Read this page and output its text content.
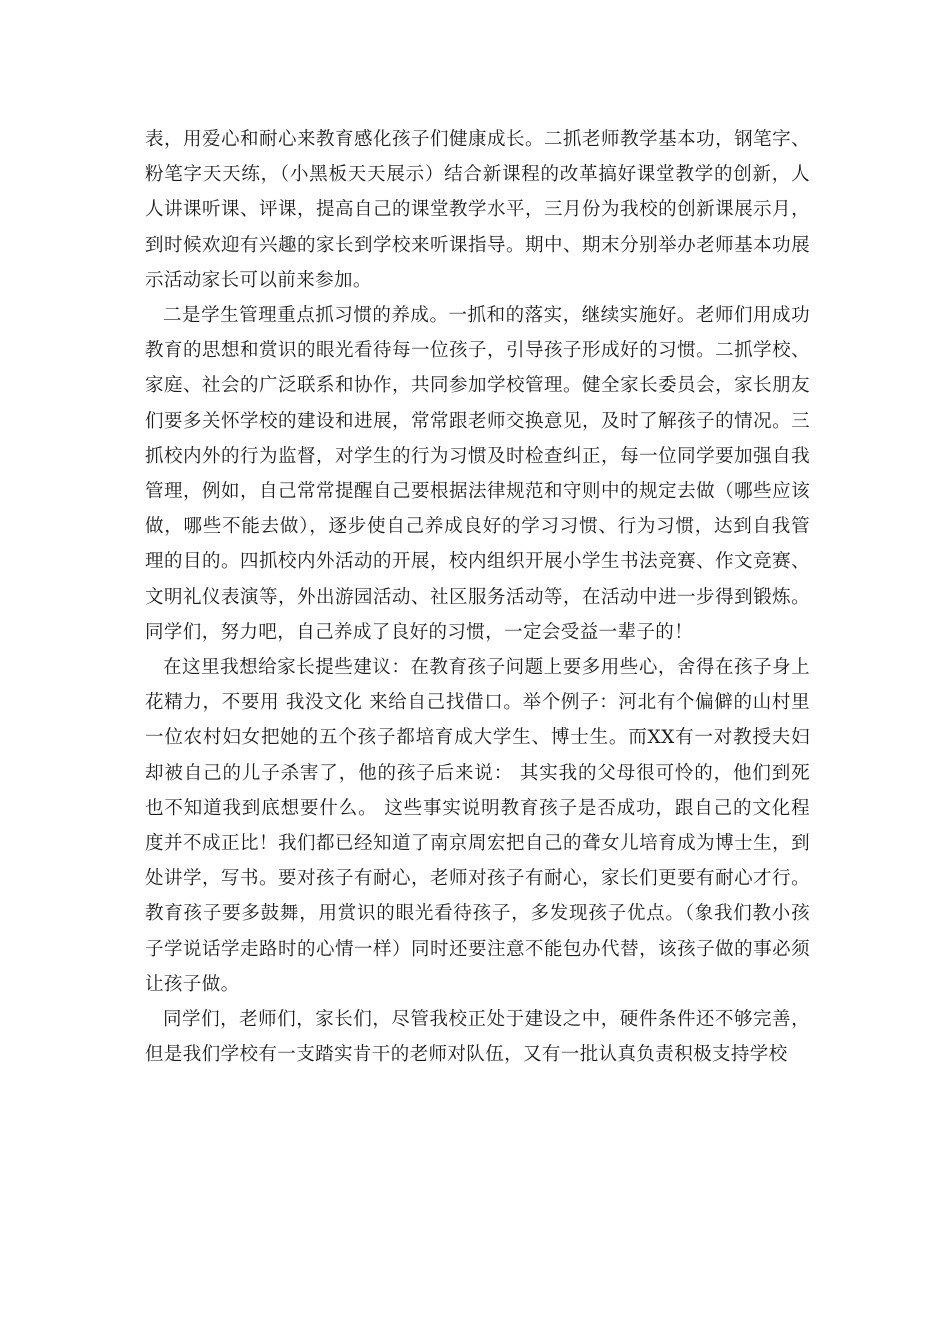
表，用爱心和耐心来教育感化孩子们健康成长。二抓老师教学基本功，钢笔字、粉笔字天天练，（小黑板天天展示）结合新课程的改革搞好课堂教学的创新，人人讲课听课、评课，提高自己的课堂教学水平，三月份为我校的创新课展示月，到时候欢迎有兴趣的家长到学校来听课指导。期中、期末分别举办老师基本功展示活动家长可以前来参加。

二是学生管理重点抓习惯的养成。一抓和的落实，继续实施好。老师们用成功教育的思想和赏识的眼光看待每一位孩子，引导孩子形成好的习惯。二抓学校、家庭、社会的广泛联系和协作，共同参加学校管理。健全家长委员会，家长朋友们要多关怀学校的建设和进展，常常跟老师交换意见，及时了解孩子的情况。三抓校内外的行为监督，对学生的行为习惯及时检查纠正，每一位同学要加强自我管理，例如，自己常常提醒自己要根据法律规范和守则中的规定去做（哪些应该做，哪些不能去做），逐步使自己养成良好的学习习惯、行为习惯，达到自我管理的目的。四抓校内外活动的开展，校内组织开展小学生书法竞赛、作文竞赛、文明礼仪表演等，外出游园活动、社区服务活动等，在活动中进一步得到锻炼。同学们，努力吧，自己养成了良好的习惯，一定会受益一辈子的！

在这里我想给家长提些建议：在教育孩子问题上要多用些心，舍得在孩子身上花精力，不要用 我没文化 来给自己找借口。举个例子：河北有个偏僻的山村里一位农村妇女把她的五个孩子都培育成大学生、博士生。而XX有一对教授夫妇却被自己的儿子杀害了，他的孩子后来说： 其实我的父母很可怜的，他们到死也不知道我到底想要什么。 这些事实说明教育孩子是否成功，跟自己的文化程度并不成正比！我们都已经知道了南京周宏把自己的聋女儿培育成为博士生，到处讲学，写书。要对孩子有耐心，老师对孩子有耐心，家长们更要有耐心才行。教育孩子要多鼓舞，用赏识的眼光看待孩子，多发现孩子优点。（象我们教小孩子学说话学走路时的心情一样）同时还要注意不能包办代替，该孩子做的事必须让孩子做。

同学们，老师们，家长们，尽管我校正处于建设之中，硬件条件还不够完善，但是我们学校有一支踏实肯干的老师对队伍，又有一批认真负责积极支持学校
